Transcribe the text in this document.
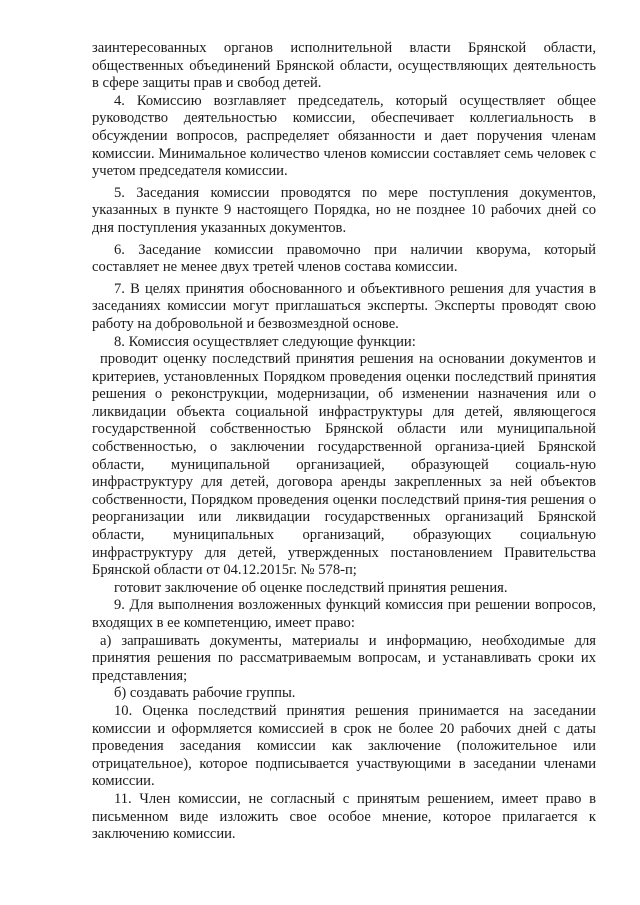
заинтересованных органов исполнительной власти Брянской области, общественных объединений Брянской области, осуществляющих деятельность в сфере защиты прав и свобод детей.

4. Комиссию возглавляет председатель, который осуществляет общее руководство деятельностью комиссии, обеспечивает коллегиальность в обсуждении вопросов, распределяет обязанности и дает поручения членам комиссии. Минимальное количество членов комиссии составляет семь человек с учетом председателя комиссии.

5. Заседания комиссии проводятся по мере поступления документов, указанных в пункте 9 настоящего Порядка, но не позднее 10 рабочих дней со дня поступления указанных документов.

6. Заседание комиссии правомочно при наличии кворума, который составляет не менее двух третей членов состава комиссии.

7. В целях принятия обоснованного и объективного решения для участия в заседаниях комиссии могут приглашаться эксперты. Эксперты проводят свою работу на добровольной и безвозмездной основе.

8. Комиссия осуществляет следующие функции:

проводит оценку последствий принятия решения на основании документов и критериев, установленных Порядком проведения оценки последствий принятия решения о реконструкции, модернизации, об изменении назначения или о ликвидации объекта социальной инфраструктуры для детей, являющегося государственной собственностью Брянской области или муниципальной собственностью, о заключении государственной организа-цией Брянской области, муниципальной организацией, образующей социаль-ную инфраструктуру для детей, договора аренды закрепленных за ней объектов собственности, Порядком проведения оценки последствий приня-тия решения о реорганизации или ликвидации государственных организаций Брянской области, муниципальных организаций, образующих социальную инфраструктуру для детей, утвержденных постановлением Правительства Брянской области от 04.12.2015г. № 578-п;

готовит заключение об оценке последствий принятия решения.

9. Для выполнения возложенных функций комиссия при решении вопросов, входящих в ее компетенцию, имеет право:

а) запрашивать документы, материалы и информацию, необходимые для принятия решения по рассматриваемым вопросам, и устанавливать сроки их представления;

б) создавать рабочие группы.

10. Оценка последствий принятия решения принимается на заседании комиссии и оформляется комиссией в срок не более 20 рабочих дней с даты проведения заседания комиссии как заключение (положительное или отрицательное), которое подписывается участвующими в заседании членами комиссии.

11. Член комиссии, не согласный с принятым решением, имеет право в письменном виде изложить свое особое мнение, которое прилагается к заключению комиссии.
